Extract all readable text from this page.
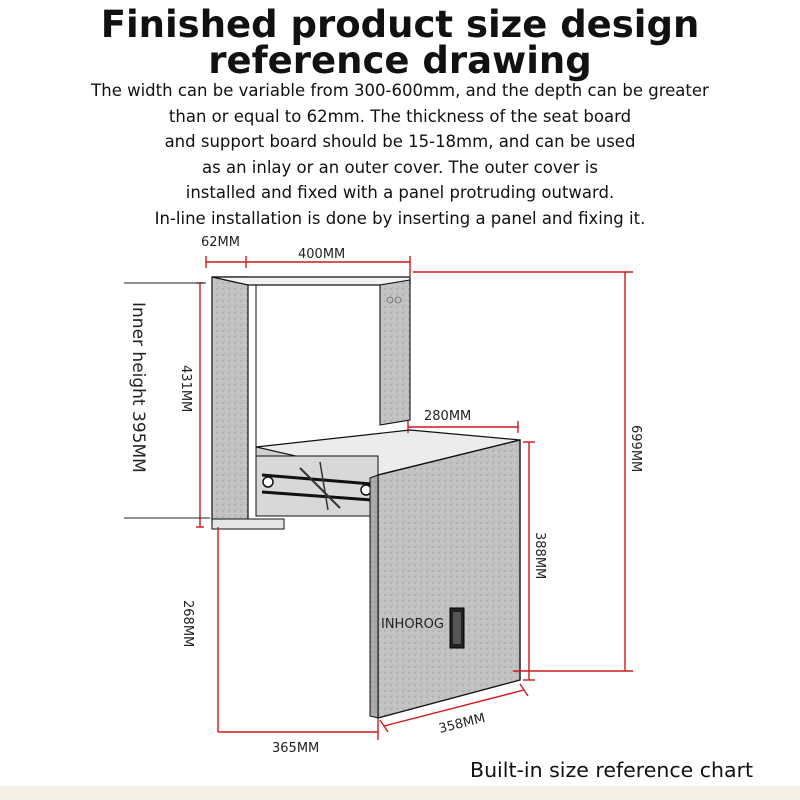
Finished product size design
reference drawing
The width can be variable from 300-600mm, and the depth can be greater
than or equal to 62mm. The thickness of the seat board
and support board should be 15-18mm, and can be used
as an inlay or an outer cover. The outer cover is
installed and fixed with a panel protruding outward.
In-line installation is done by inserting a panel and fixing it.
INHOROG
62MM
400MM
280MM
365MM
358MM
431MM
268MM
388MM
699MM
Inner height 395MM
Built-in size reference chart
